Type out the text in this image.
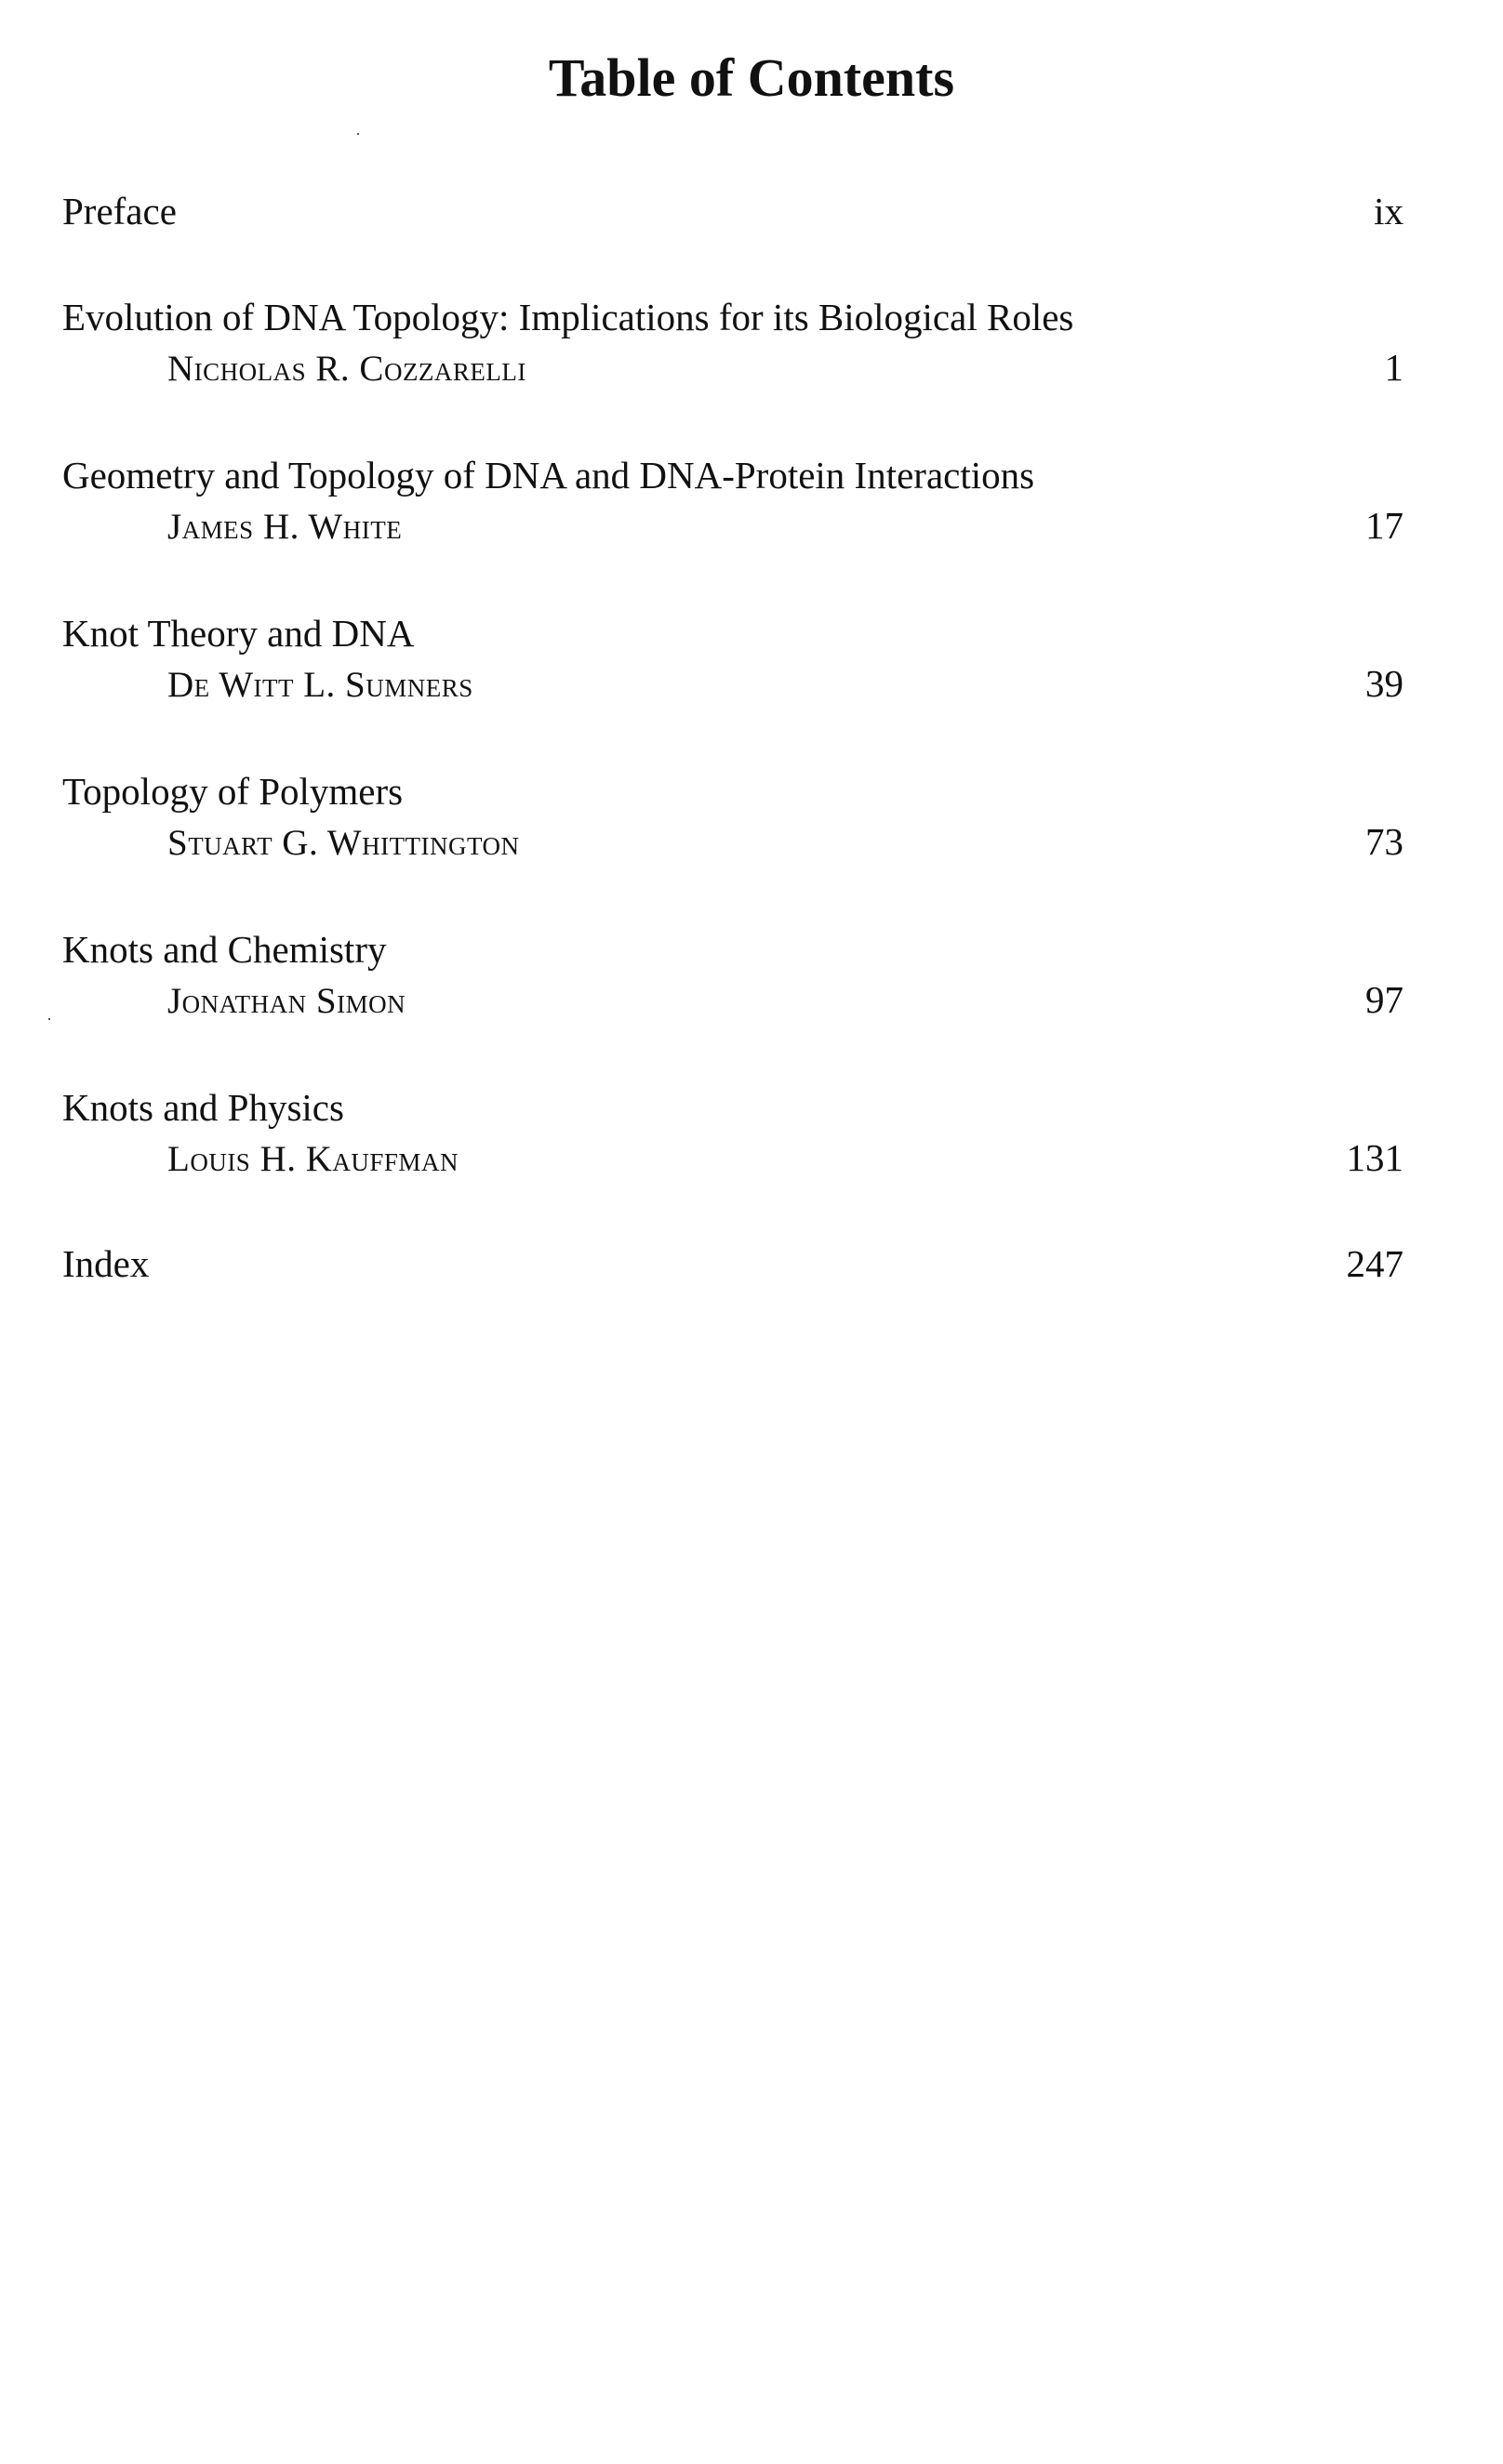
Table of Contents
Preface	ix
Evolution of DNA Topology: Implications for its Biological Roles
Nicholas R. Cozzarelli	1
Geometry and Topology of DNA and DNA-Protein Interactions
James H. White	17
Knot Theory and DNA
De Witt L. Sumners	39
Topology of Polymers
Stuart G. Whittington	73
Knots and Chemistry
Jonathan Simon	97
Knots and Physics
Louis H. Kauffman	131
Index	247
